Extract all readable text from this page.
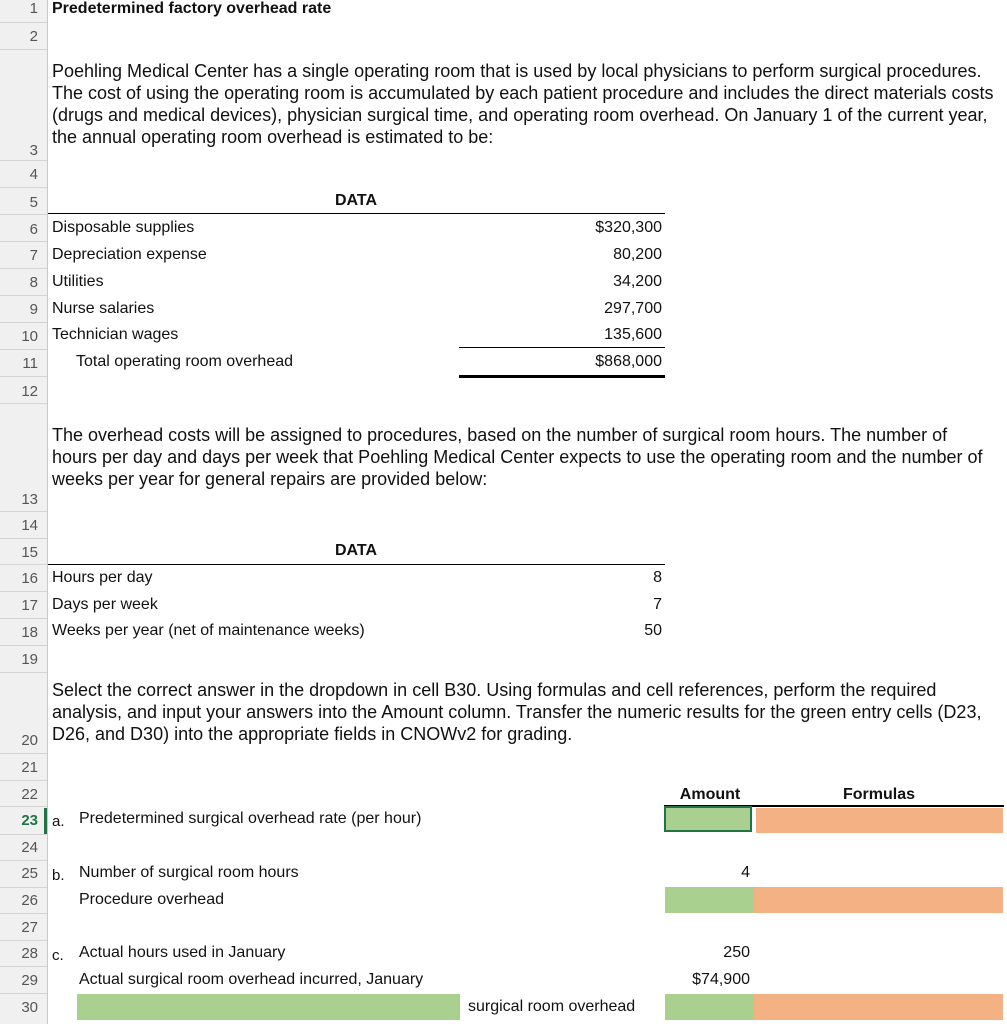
1
2
3
4
5
6
7
8
9
10
11
12
13
14
15
16
17
18
19
20
21
22
23
24
25
26
27
28
29
30
Predetermined factory overhead rate
Poehling Medical Center has a single operating room that is used by local physicians to perform surgical procedures. The cost of using the operating room is accumulated by each patient procedure and includes the direct materials costs (drugs and medical devices), physician surgical time, and operating room overhead. On January 1 of the current year, the annual operating room overhead is estimated to be:
DATA
Disposable supplies	$320,300
Depreciation expense	80,200
Utilities	34,200
Nurse salaries	297,700
Technician wages	135,600
Total operating room overhead	$868,000
The overhead costs will be assigned to procedures, based on the number of surgical room hours. The number of hours per day and days per week that Poehling Medical Center expects to use the operating room and the number of weeks per year for general repairs are provided below:
DATA
Hours per day	8
Days per week	7
Weeks per year (net of maintenance weeks)	50
Select the correct answer in the dropdown in cell B30. Using formulas and cell references, perform the required analysis, and input your answers into the Amount column. Transfer the numeric results for the green entry cells (D23, D26, and D30) into the appropriate fields in CNOWv2 for grading.
Amount	Formulas
a. Predetermined surgical overhead rate (per hour)
b. Number of surgical room hours	4
Procedure overhead
c. Actual hours used in January	250
Actual surgical room overhead incurred, January	$74,900
surgical room overhead
